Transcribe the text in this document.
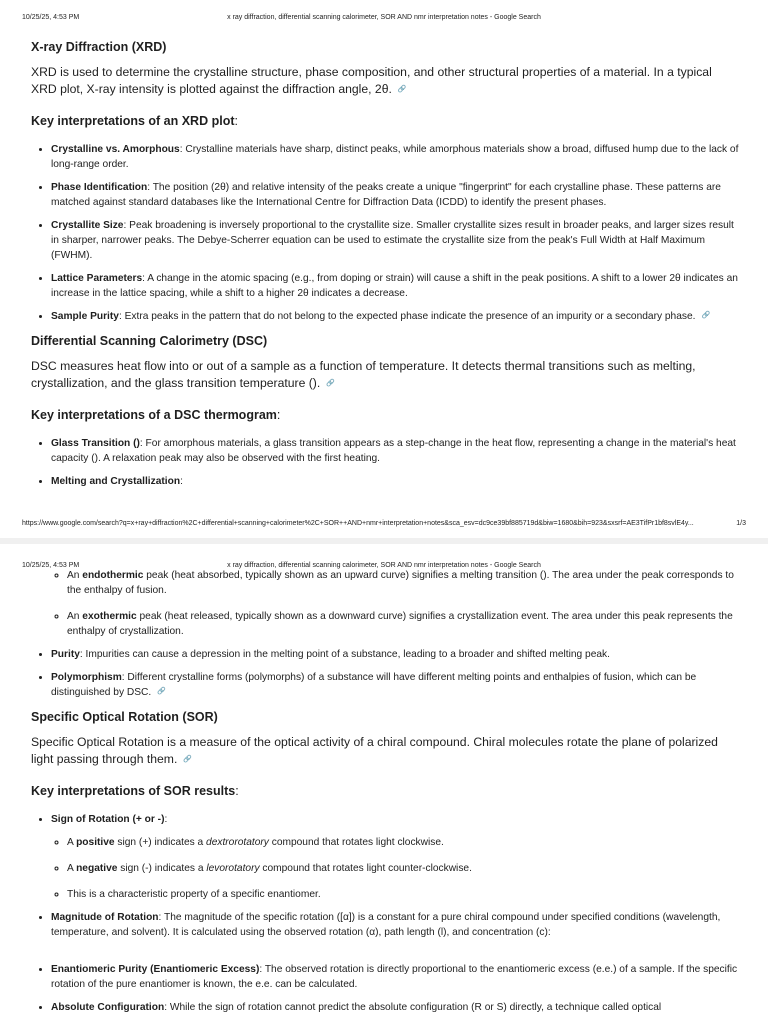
10/25/25, 4:53 PM	x ray diffraction, differential scanning calorimeter, SOR AND nmr interpretation notes - Google Search
X-ray Diffraction (XRD)

XRD is used to determine the crystalline structure, phase composition, and other structural properties of a material. In a typical XRD plot, X-ray intensity is plotted against the diffraction angle, 2θ. 🔗

Key interpretations of an XRD plot:
• Crystalline vs. Amorphous: Crystalline materials have sharp, distinct peaks, while amorphous materials show a broad, diffused hump due to the lack of long-range order.
• Phase Identification: The position (2θ) and relative intensity of the peaks create a unique "fingerprint" for each crystalline phase. These patterns are matched against standard databases like the International Centre for Diffraction Data (ICDD) to identify the present phases.
• Crystallite Size: Peak broadening is inversely proportional to the crystallite size. Smaller crystallite sizes result in broader peaks, and larger sizes result in sharper, narrower peaks. The Debye-Scherrer equation can be used to estimate the crystallite size from the peak's Full Width at Half Maximum (FWHM).
• Lattice Parameters: A change in the atomic spacing (e.g., from doping or strain) will cause a shift in the peak positions. A shift to a lower 2θ indicates an increase in the lattice spacing, while a shift to a higher 2θ indicates a decrease.
• Sample Purity: Extra peaks in the pattern that do not belong to the expected phase indicate the presence of an impurity or a secondary phase. 🔗
Differential Scanning Calorimetry (DSC)

DSC measures heat flow into or out of a sample as a function of temperature. It detects thermal transitions such as melting, crystallization, and the glass transition temperature (). 🔗

Key interpretations of a DSC thermogram:
• Glass Transition (): For amorphous materials, a glass transition appears as a step-change in the heat flow, representing a change in the material's heat capacity (). A relaxation peak may also be observed with the first heating.
• Melting and Crystallization:
https://www.google.com/search?q=x+ray+diffraction%2C+differential+scanning+calorimeter%2C+SOR++AND+nmr+interpretation+notes&sca_esv=dc9ce39bf885719d&biw=1680&bih=923&sxsrf=AE3TifPr1bf8svlE4y...	1/3
10/25/25, 4:53 PM	x ray diffraction, differential scanning calorimeter, SOR AND nmr interpretation notes - Google Search
◦ An endothermic peak (heat absorbed, typically shown as an upward curve) signifies a melting transition (). The area under the peak corresponds to the enthalpy of fusion.
◦ An exothermic peak (heat released, typically shown as a downward curve) signifies a crystallization event. The area under this peak represents the enthalpy of crystallization.
• Purity: Impurities can cause a depression in the melting point of a substance, leading to a broader and shifted melting peak.
• Polymorphism: Different crystalline forms (polymorphs) of a substance will have different melting points and enthalpies of fusion, which can be distinguished by DSC. 🔗
Specific Optical Rotation (SOR)

Specific Optical Rotation is a measure of the optical activity of a chiral compound. Chiral molecules rotate the plane of polarized light passing through them. 🔗

Key interpretations of SOR results:
• Sign of Rotation (+ or -):
◦ A positive sign (+) indicates a dextrorotatory compound that rotates light clockwise.
◦ A negative sign (-) indicates a levorotatory compound that rotates light counter-clockwise.
◦ This is a characteristic property of a specific enantiomer.
• Magnitude of Rotation: The magnitude of the specific rotation ([α]) is a constant for a pure chiral compound under specified conditions (wavelength, temperature, and solvent). It is calculated using the observed rotation (α), path length (l), and concentration (c):
• Enantiomeric Purity (Enantiomeric Excess): The observed rotation is directly proportional to the enantiomeric excess (e.e.) of a sample. If the specific rotation of the pure enantiomer is known, the e.e. can be calculated.
• Absolute Configuration: While the sign of rotation cannot predict the absolute configuration (R or S) directly, a technique called optical
